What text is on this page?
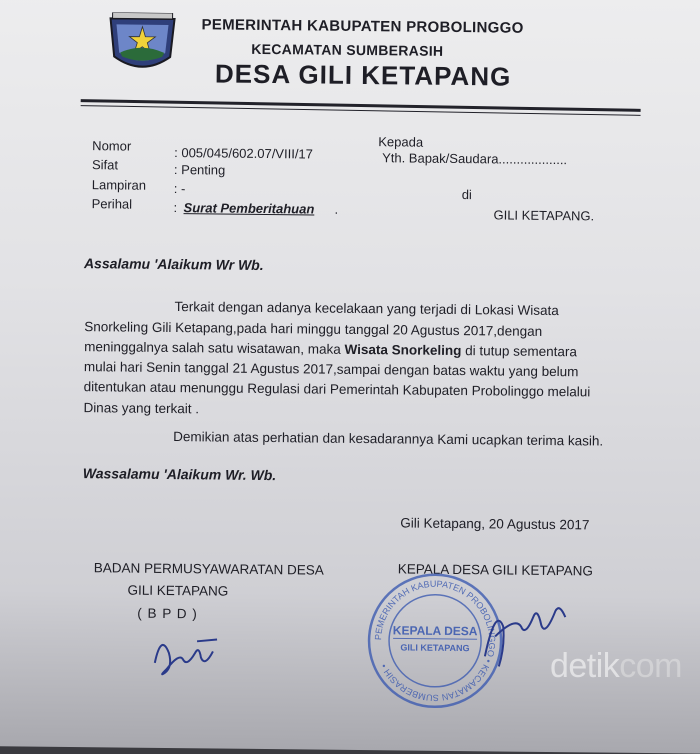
PEMERINTAH KABUPATEN PROBOLINGGO
KECAMATAN SUMBERASIH
DESA GILI KETAPANG
Nomor	: 005/045/602.07/VIII/17
Sifat	: Penting
Lampiran : -
Perihal	: Surat Pemberitahuan .
Kepada
Yth. Bapak/Saudara...................
di
GILI KETAPANG.
Assalamu 'Alaikum Wr Wb.
Terkait dengan adanya kecelakaan yang terjadi di Lokasi Wisata
Snorkeling Gili Ketapang,pada hari minggu tanggal 20 Agustus 2017,dengan
meninggalnya salah satu wisatawan, maka Wisata Snorkeling di tutup sementara
mulai hari Senin tanggal 21 Agustus 2017,sampai dengan batas waktu yang belum
ditentukan atau menunggu Regulasi dari Pemerintah Kabupaten Probolinggo melalui
Dinas yang terkait .
Demikian atas perhatian dan kesadarannya Kami ucapkan terima kasih.
Wassalamu 'Alaikum Wr. Wb.
Gili Ketapang, 20 Agustus 2017
BADAN PERMUSYAWARATAN DESA
GILI KETAPANG
( B P D )
KEPALA DESA GILI KETAPANG
PEMERINTAH KABUPATEN PROBOLINGGO • KECAMATAN SUMBERASIH •
KEPALA DESA
GILI KETAPANG detikcom
